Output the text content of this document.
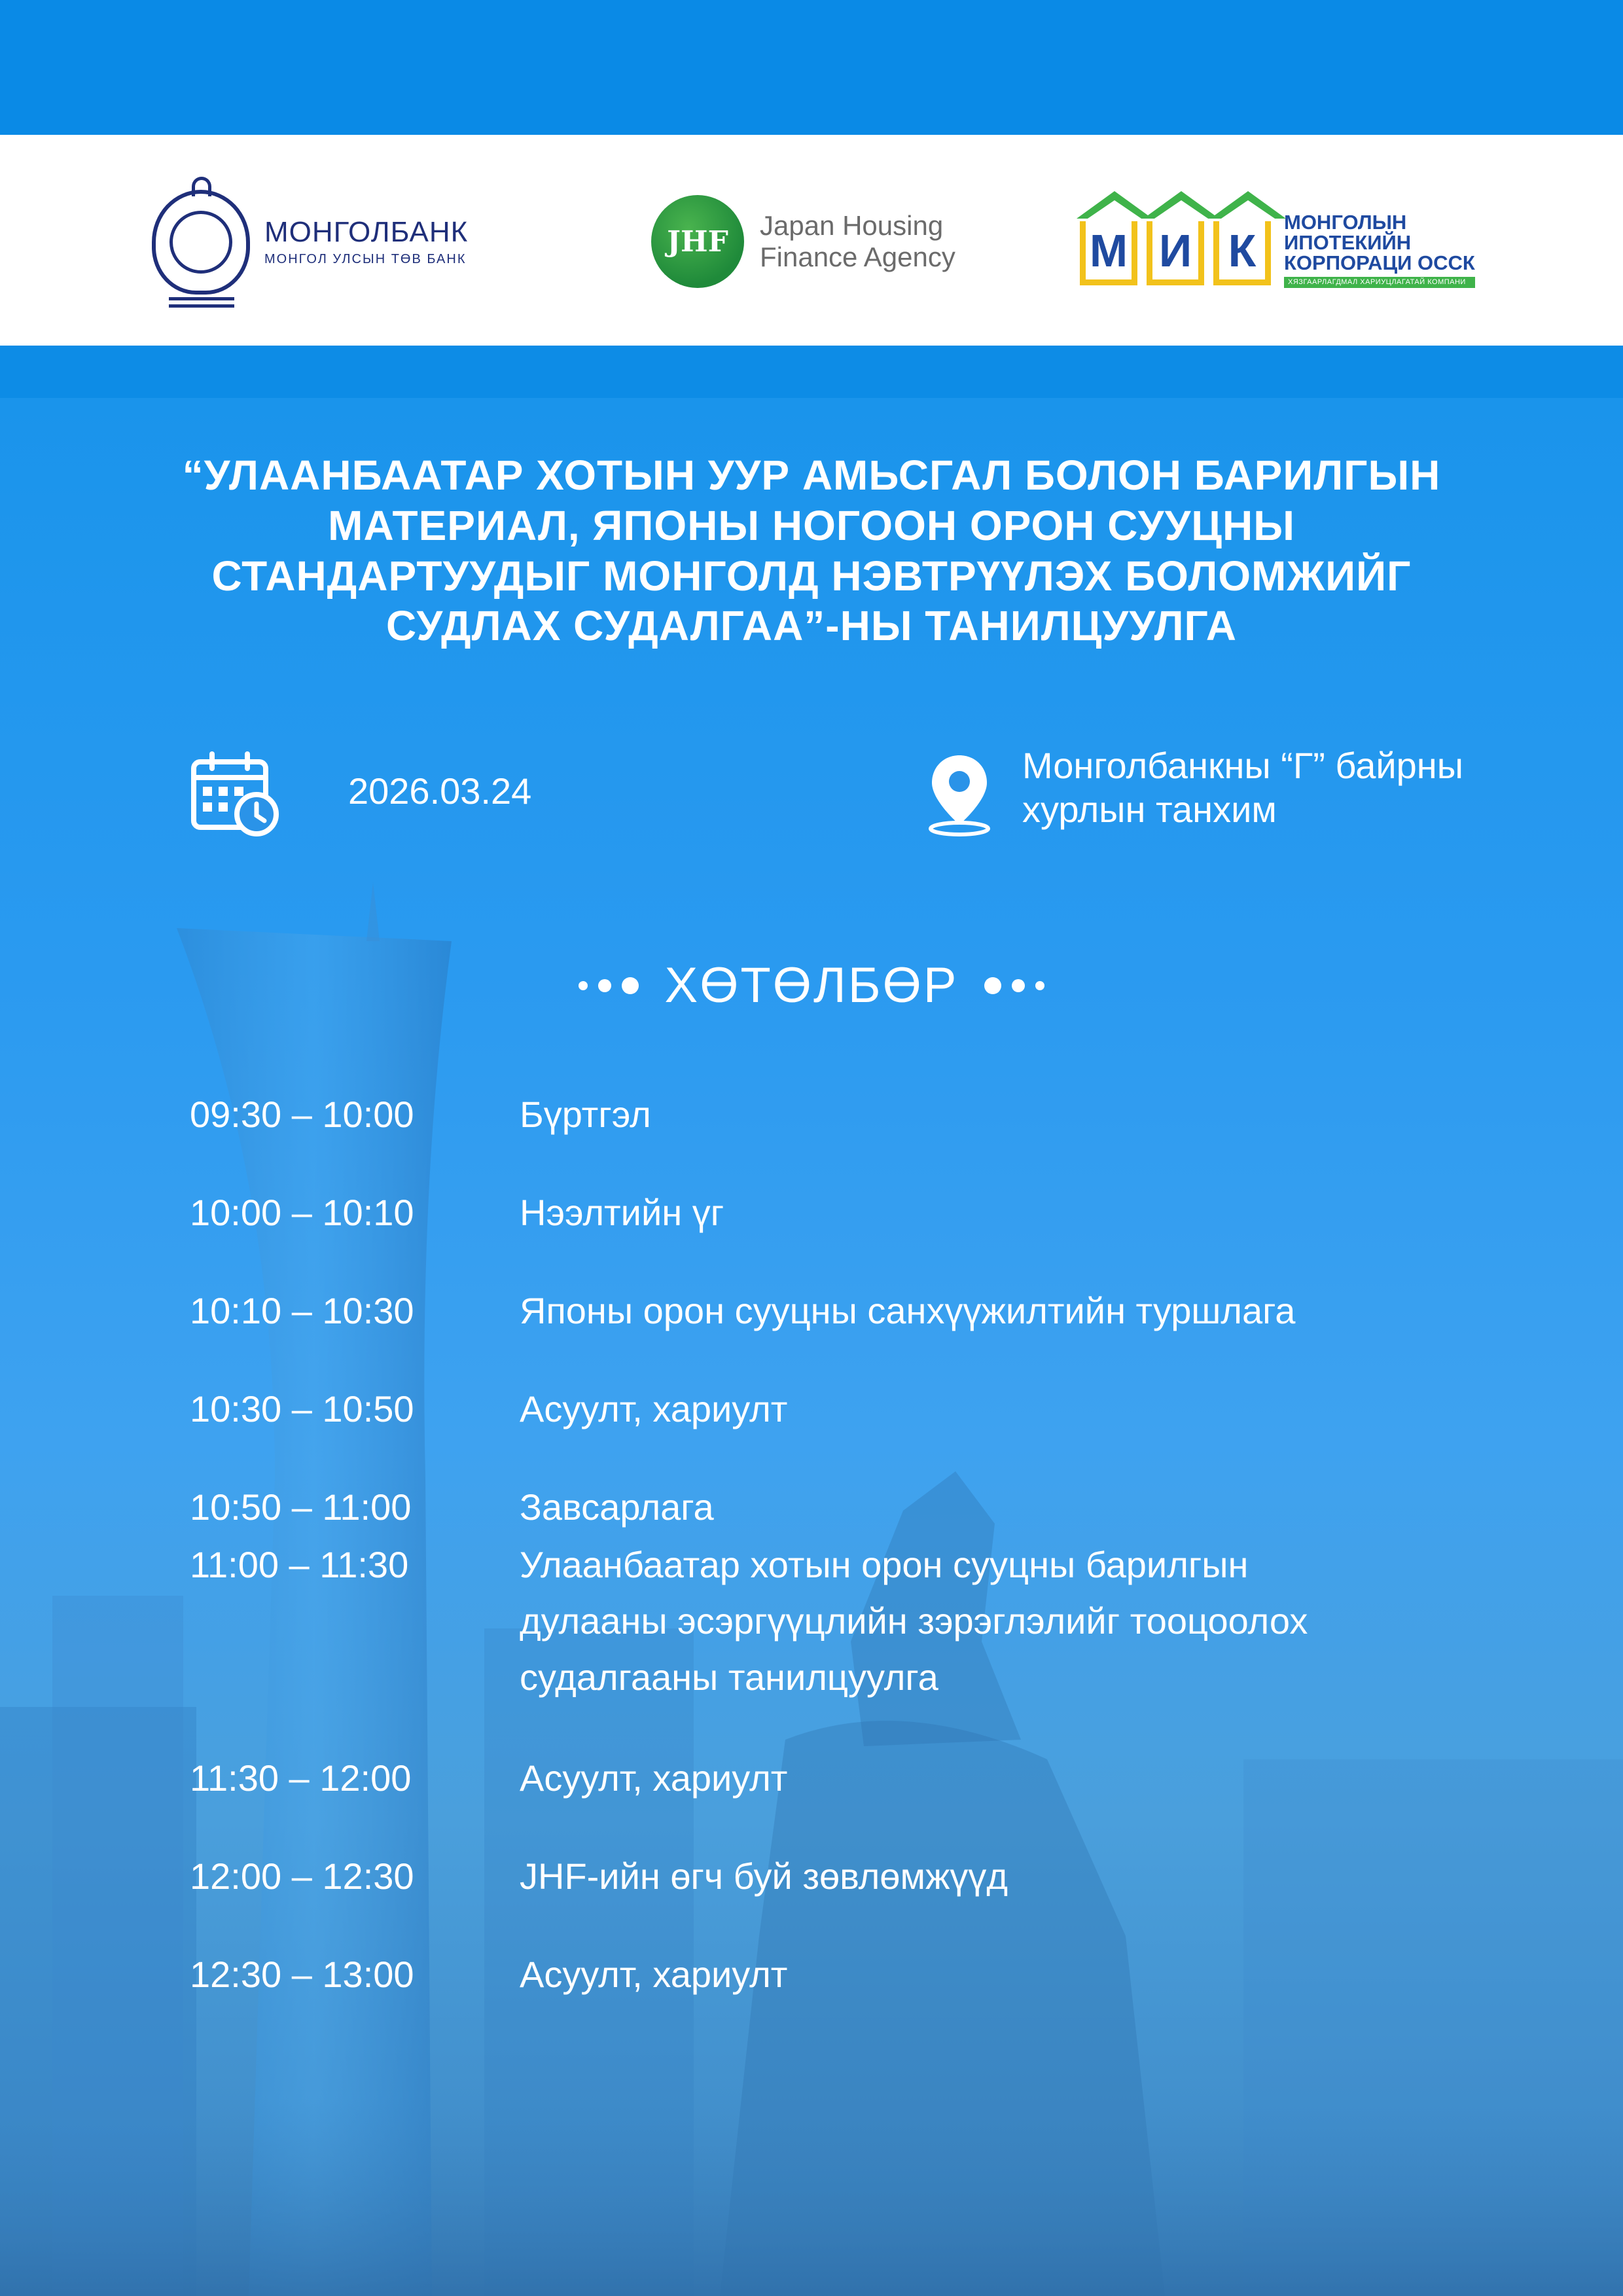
МОНГОЛБАНК
МОНГОЛ УЛСЫН ТӨВ БАНК
JHF Japan Housing
Finance Agency	М И К
МОНГОЛЫН
ИПОТЕКИЙН
КОРПОРАЦИ ОССК
ХЯЗГААРЛАГДМАЛ ХАРИУЦЛАГАТАЙ КОМПАНИ
“УЛААНБААТАР ХОТЫН УУР АМЬСГАЛ БОЛОН БАРИЛГЫН
МАТЕРИАЛ, ЯПОНЫ НОГООН ОРОН СУУЦНЫ
СТАНДАРТУУДЫГ МОНГОЛД НЭВТРҮҮЛЭХ БОЛОМЖИЙГ
СУДЛАХ СУДАЛГАА”-НЫ ТАНИЛЦУУЛГА
2026.03.24
Монголбанкны “Г” байрны
хурлын танхим
ХӨТӨЛБӨР
09:30 – 10:00	Бүртгэл
10:00 – 10:10	Нээлтийн үг
10:10 – 10:30	Японы орон сууцны санхүүжилтийн туршлага
10:30 – 10:50	Асуулт, хариулт
10:50 – 11:00	Завсарлага
11:00 – 11:30	Улаанбаатар хотын орон сууцны барилгын
дулааны эсэргүүцлийн зэрэглэлийг тооцоолох
судалгааны танилцуулга
11:30 – 12:00	Асуулт, хариулт
12:00 – 12:30	JHF-ийн өгч буй зөвлөмжүүд
12:30 – 13:00	Асуулт, хариулт
